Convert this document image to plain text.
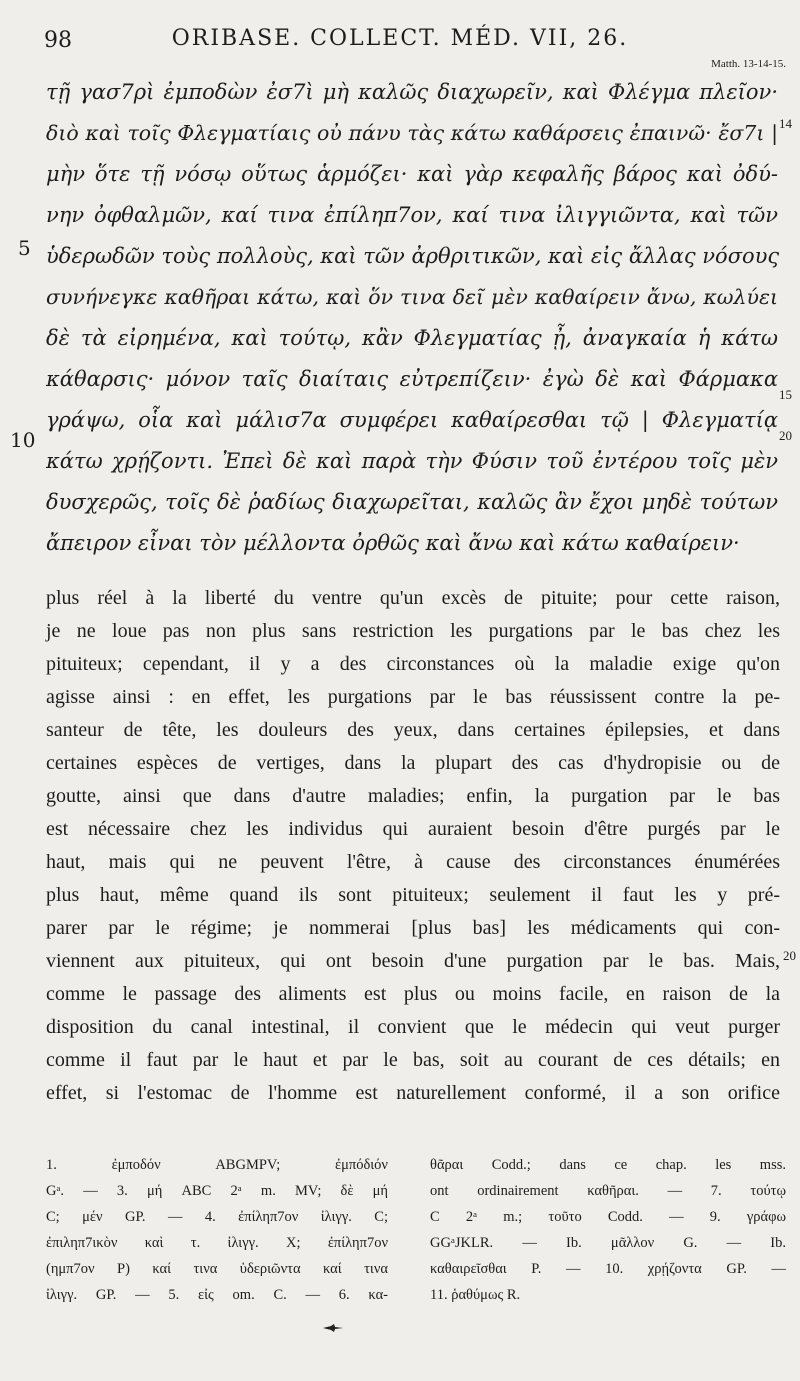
98	ORIBASE. COLLECT. MÉD. VII, 26.
Matth. 13-14-15.
5
10
14
15
20
20
τῇ γασ7ρὶ ἐμποδὼν ἐσ7ὶ μὴ καλῶς διαχωρεῖν, καὶ Φλέγμα πλεῖον·
διὸ καὶ τοῖς Φλεγματίαις οὐ πάνυ τὰς κάτω καθάρσεις ἐπαινῶ· ἔσ7ι |
μὴν ὅτε τῇ νόσῳ οὕτως ἁρμόζει· καὶ γὰρ κεφαλῆς βάρος καὶ ὀδύ-
νην ὀφθαλμῶν, καί τινα ἐπίληπ7ον, καί τινα ἰλιγγιῶντα, καὶ τῶν
ὑδερωδῶν τοὺς πολλοὺς, καὶ τῶν ἀρθριτικῶν, καὶ εἰς ἄλλας νόσους
συνήνεγκε καθῆραι κάτω, καὶ ὅν τινα δεῖ μὲν καθαίρειν ἄνω, κωλύει
δὲ τὰ εἰρημένα, καὶ τούτῳ, κἂν Φλεγματίας ᾖ, ἀναγκαία ἡ κάτω
κάθαρσις· μόνον ταῖς διαίταις εὐτρεπίζειν· ἐγὼ δὲ καὶ Φάρμακα
γράψω, οἷα καὶ μάλισ7α συμφέρει καθαίρεσθαι τῷ | Φλεγματίᾳ
κάτω χρῄζοντι. Ἐπεὶ δὲ καὶ παρὰ τὴν Φύσιν τοῦ ἐντέρου τοῖς μὲν
δυσχερῶς, τοῖς δὲ ῥαδίως διαχωρεῖται, καλῶς ἂν ἔχοι μηδὲ τούτων
ἄπειρον εἶναι τὸν μέλλοντα ὀρθῶς καὶ ἄνω καὶ κάτω καθαίρειν·
plus réel à la liberté du ventre qu'un excès de pituite; pour cette raison,
je ne loue pas non plus sans restriction les purgations par le bas chez les
pituiteux; cependant, il y a des circonstances où la maladie exige qu'on
agisse ainsi : en effet, les purgations par le bas réussissent contre la pe-
santeur de tête, les douleurs des yeux, dans certaines épilepsies, et dans
certaines espèces de vertiges, dans la plupart des cas d'hydropisie ou de
goutte, ainsi que dans d'autre maladies; enfin, la purgation par le bas
est nécessaire chez les individus qui auraient besoin d'être purgés par le
haut, mais qui ne peuvent l'être, à cause des circonstances énumérées
plus haut, même quand ils sont pituiteux; seulement il faut les y pré-
parer par le régime; je nommerai [plus bas] les médicaments qui con-
viennent aux pituiteux, qui ont besoin d'une purgation par le bas. Mais,
comme le passage des aliments est plus ou moins facile, en raison de la
disposition du canal intestinal, il convient que le médecin qui veut purger
comme il faut par le haut et par le bas, soit au courant de ces détails; en
effet, si l'estomac de l'homme est naturellement conformé, il a son orifice
1. ἐμποδόν ABGMPV; ἐμπόδιόν
Gᵃ. — 3. μή ABC 2ᵃ m. MV; δὲ μή
C; μέν GP. — 4. ἐπίληπ7ον ἰλιγγ. C;
ἐπιληπ7ικὸν καὶ τ. ἰλιγγ. X; ἐπίληπ7ον
(ημπ7ον P) καί τινα ὑδεριῶντα καί τινα
ἰλιγγ. GP. — 5. εἰς om. C. — 6. κα-
θᾶραι Codd.; dans ce chap. les mss.
ont ordinairement καθῆραι. — 7. τούτῳ
C 2ᵃ m.; τοῦτο Codd. — 9. γράφω
GGᵃJKLR. — Ib. μᾶλλον G. — Ib.
καθαιρεῖσθαι P. — 10. χρῄζοντα GP. —
11. ῥαθύμως R.
